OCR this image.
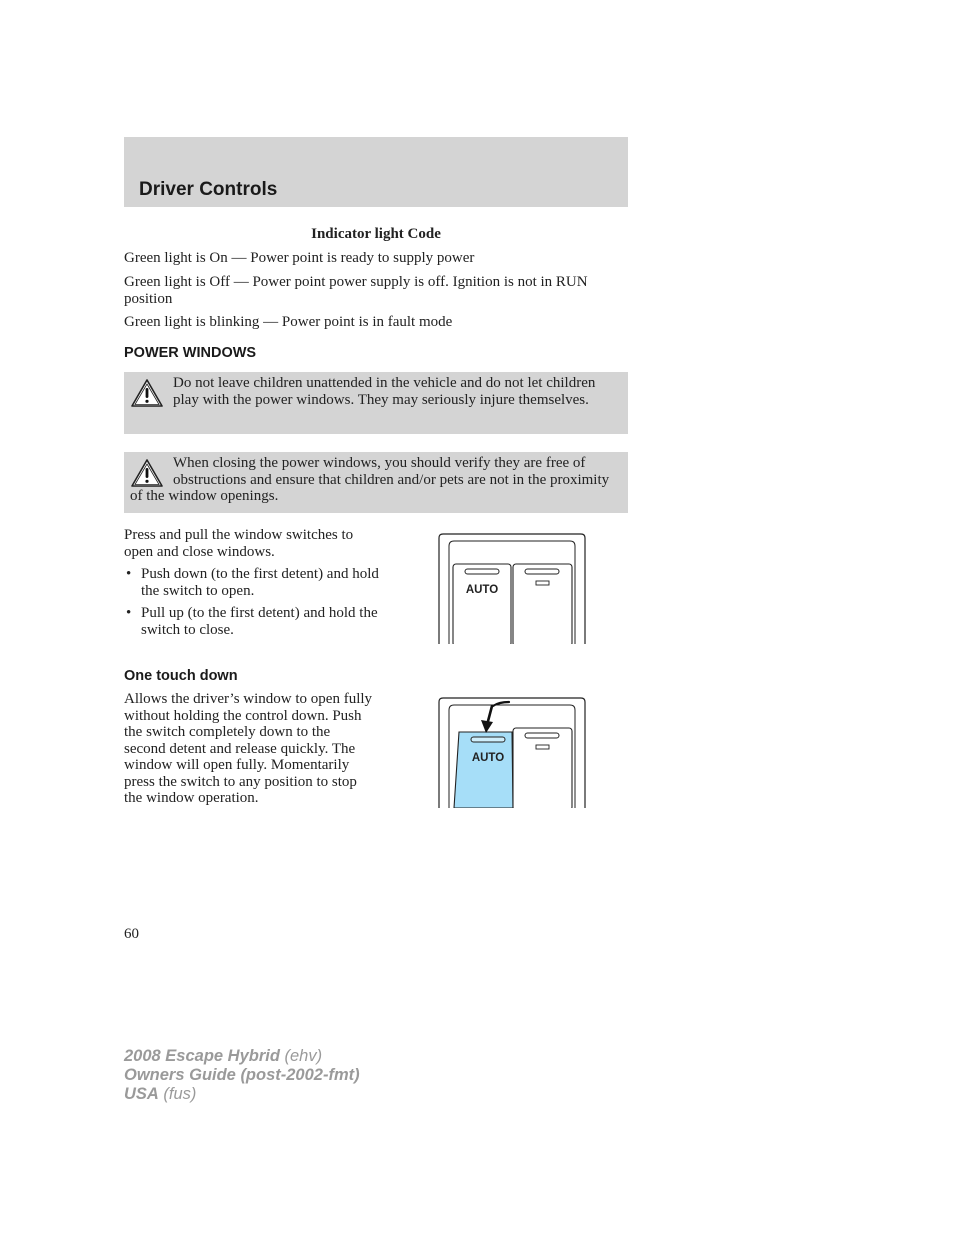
Driver Controls
Indicator light Code
Green light is On — Power point is ready to supply power
Green light is Off — Power point power supply is off. Ignition is not in RUN position
Green light is blinking — Power point is in fault mode
POWER WINDOWS
Do not leave children unattended in the vehicle and do not let children play with the power windows. They may seriously injure themselves.
When closing the power windows, you should verify they are free of obstructions and ensure that children and/or pets are not in the proximity of the window openings.
Press and pull the window switches to open and close windows.
• Push down (to the first detent) and hold the switch to open.
• Pull up (to the first detent) and hold the switch to close.
AUTO
One touch down
Allows the driver’s window to open fully without holding the control down. Push the switch completely down to the second detent and release quickly. The window will open fully. Momentarily press the switch to any position to stop the window operation.
AUTO
60
2008 Escape Hybrid (ehv)
Owners Guide (post-2002-fmt)
USA (fus)
